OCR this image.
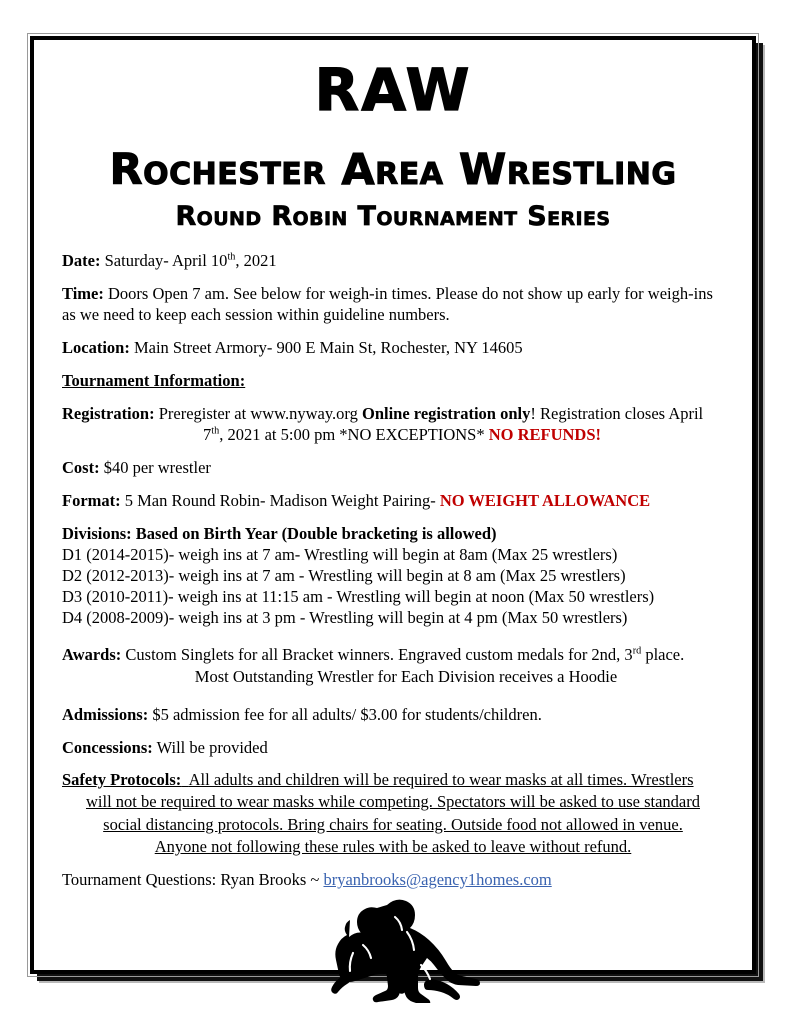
RAW
Rochester Area Wrestling
Round Robin Tournament Series

Date: Saturday- April 10th, 2021

Time: Doors Open 7 am. See below for weigh-in times. Please do not show up early for weigh-ins as we need to keep each session within guideline numbers.

Location: Main Street Armory- 900 E Main St, Rochester, NY 14605

Tournament Information:

Registration: Preregister at www.nyway.org Online registration only! Registration closes April
7th, 2021 at 5:00 pm *NO EXCEPTIONS* NO REFUNDS!

Cost: $40 per wrestler

Format: 5 Man Round Robin- Madison Weight Pairing- NO WEIGHT ALLOWANCE

Divisions: Based on Birth Year (Double bracketing is allowed)
D1 (2014-2015)- weigh ins at 7 am- Wrestling will begin at 8am (Max 25 wrestlers)
D2 (2012-2013)- weigh ins at 7 am - Wrestling will begin at 8 am (Max 25 wrestlers)
D3 (2010-2011)- weigh ins at 11:15 am - Wrestling will begin at noon (Max 50 wrestlers)
D4 (2008-2009)- weigh ins at 3 pm - Wrestling will begin at 4 pm (Max 50 wrestlers)

Awards: Custom Singlets for all Bracket winners. Engraved custom medals for 2nd, 3rd place.
Most Outstanding Wrestler for Each Division receives a Hoodie

Admissions: $5 admission fee for all adults/ $3.00 for students/children.

Concessions: Will be provided

Safety Protocols: All adults and children will be required to wear masks at all times. Wrestlers
will not be required to wear masks while competing. Spectators will be asked to use standard
social distancing protocols. Bring chairs for seating. Outside food not allowed in venue.
Anyone not following these rules with be asked to leave without refund.

Tournament Questions: Ryan Brooks ~ bryanbrooks@agency1homes.com
